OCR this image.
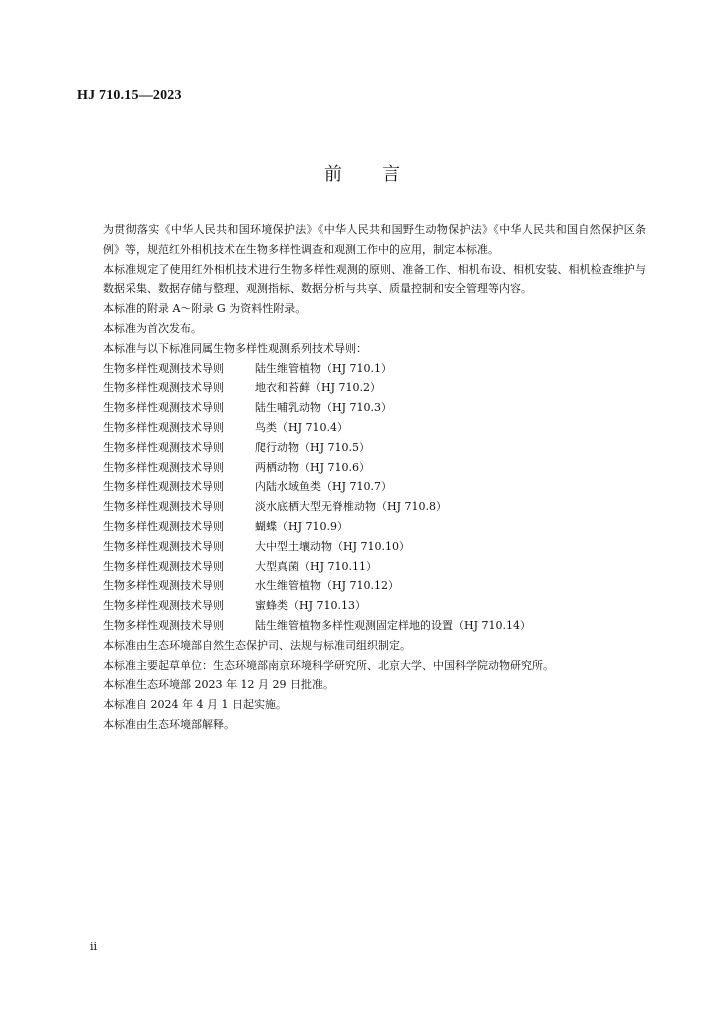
HJ 710.15—2023
前言

为贯彻落实《中华人民共和国环境保护法》《中华人民共和国野生动物保护法》《中华人民共和国自然保护区条例》等，规范红外相机技术在生物多样性调查和观测工作中的应用，制定本标准。

本标准规定了使用红外相机技术进行生物多样性观测的原则、准备工作、相机布设、相机安装、相机检查维护与数据采集、数据存储与整理、观测指标、数据分析与共享、质量控制和安全管理等内容。

本标准的附录 A～附录 G 为资料性附录。

本标准为首次发布。

本标准与以下标准同属生物多样性观测系列技术导则：

生物多样性观测技术导则	陆生维管植物（HJ 710.1）
生物多样性观测技术导则	地衣和苔藓（HJ 710.2）
生物多样性观测技术导则	陆生哺乳动物（HJ 710.3）
生物多样性观测技术导则	鸟类（HJ 710.4）
生物多样性观测技术导则	爬行动物（HJ 710.5）
生物多样性观测技术导则	两栖动物（HJ 710.6）
生物多样性观测技术导则	内陆水域鱼类（HJ 710.7）
生物多样性观测技术导则	淡水底栖大型无脊椎动物（HJ 710.8）
生物多样性观测技术导则	蝴蝶（HJ 710.9）
生物多样性观测技术导则	大中型土壤动物（HJ 710.10）
生物多样性观测技术导则	大型真菌（HJ 710.11）
生物多样性观测技术导则	水生维管植物（HJ 710.12）
生物多样性观测技术导则	蜜蜂类（HJ 710.13）
生物多样性观测技术导则	陆生维管植物多样性观测固定样地的设置（HJ 710.14）

本标准由生态环境部自然生态保护司、法规与标准司组织制定。

本标准主要起草单位：生态环境部南京环境科学研究所、北京大学、中国科学院动物研究所。

本标准生态环境部 2023 年 12 月 29 日批准。

本标准自 2024 年 4 月 1 日起实施。

本标准由生态环境部解释。

ii
